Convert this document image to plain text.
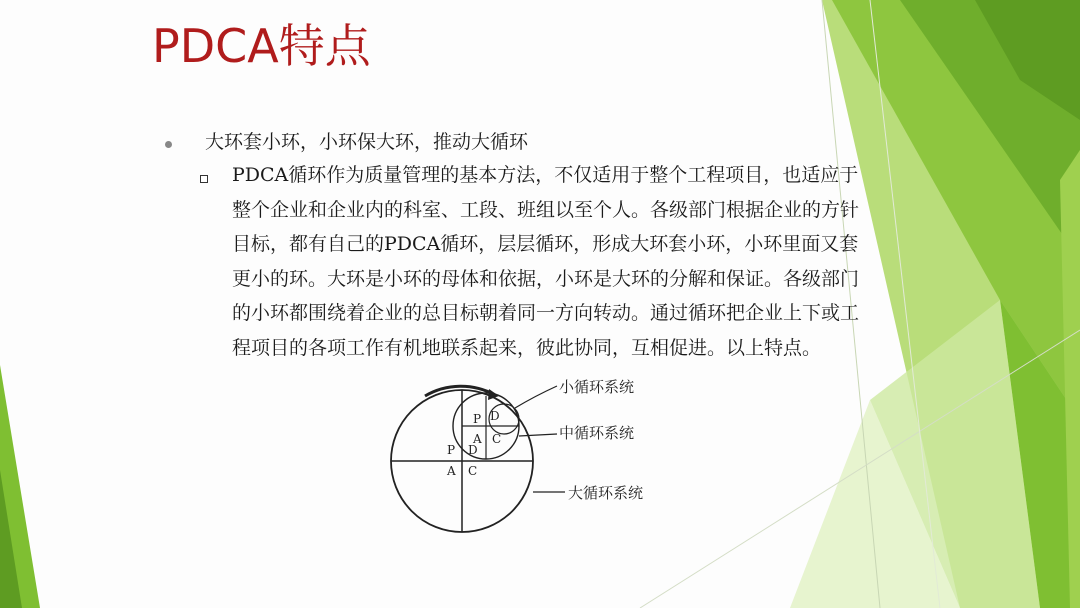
PDCA特点
大环套小环，小环保大环，推动大循环
PDCA循环作为质量管理的基本方法，不仅适用于整个工程项目，也适应于
整个企业和企业内的科室、工段、班组以至个人。各级部门根据企业的方针
目标，都有自己的PDCA循环，层层循环，形成大环套小环，小环里面又套
更小的环。大环是小环的母体和依据，小环是大环的分解和保证。各级部门
的小环都围绕着企业的总目标朝着同一方向转动。通过循环把企业上下或工
程项目的各项工作有机地联系起来，彼此协同，互相促进。以上特点。
P D
A C
P D
A C
小循环系统
中循环系统
大循环系统
